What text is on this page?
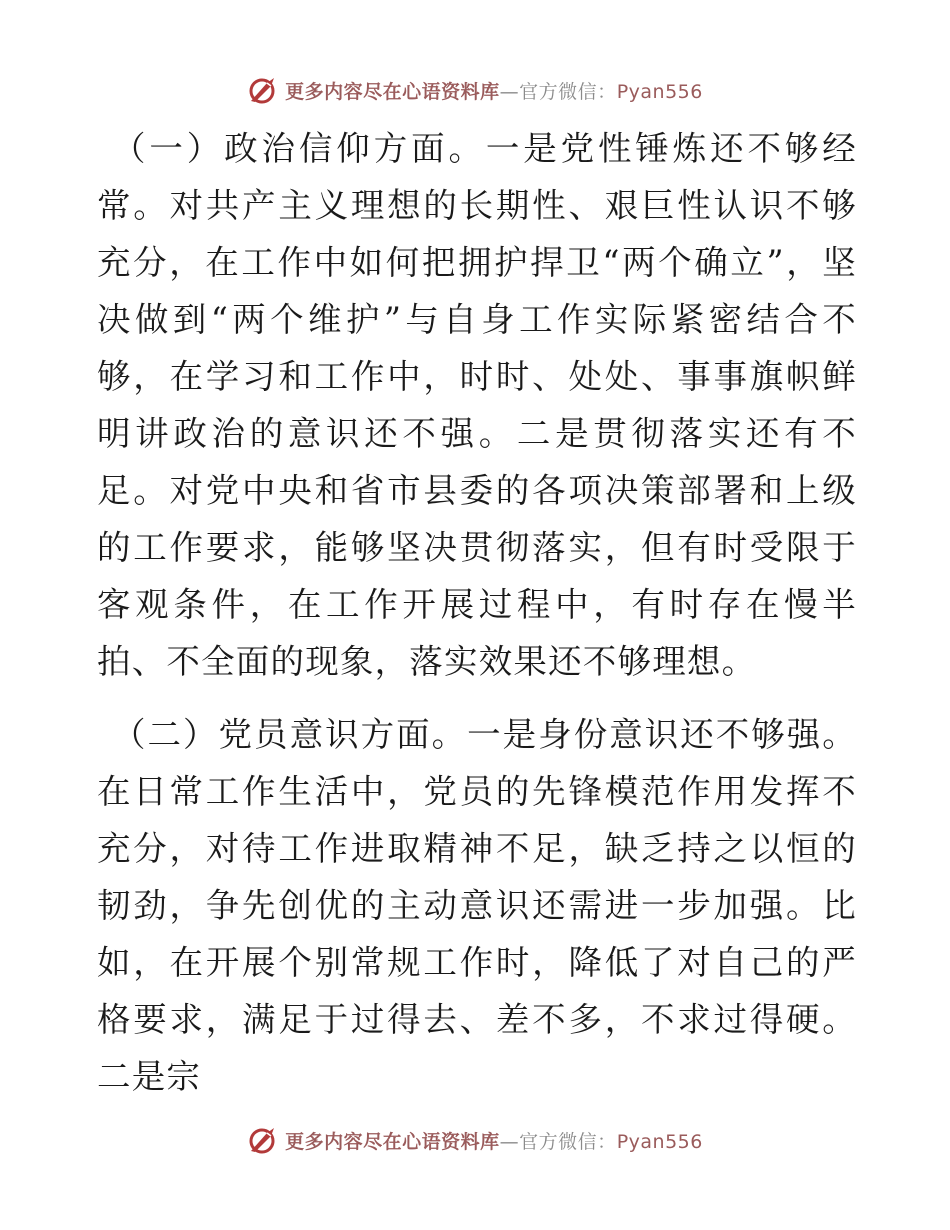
更多内容尽在心语资料库—官方微信：Pyan556

（一）政治信仰方面。一是党性锤炼还不够经常。对共产主义理想的长期性、艰巨性认识不够充分，在工作中如何把拥护捍卫“两个确立”，坚决做到“两个维护”与自身工作实际紧密结合不够，在学习和工作中，时时、处处、事事旗帜鲜明讲政治的意识还不强。二是贯彻落实还有不足。对党中央和省市县委的各项决策部署和上级的工作要求，能够坚决贯彻落实，但有时受限于客观条件，在工作开展过程中，有时存在慢半拍、不全面的现象，落实效果还不够理想。

（二）党员意识方面。一是身份意识还不够强。在日常工作生活中，党员的先锋模范作用发挥不充分，对待工作进取精神不足，缺乏持之以恒的韧劲，争先创优的主动意识还需进一步加强。比如，在开展个别常规工作时，降低了对自己的严格要求，满足于过得去、差不多，不求过得硬。二是宗

更多内容尽在心语资料库—官方微信：Pyan556
